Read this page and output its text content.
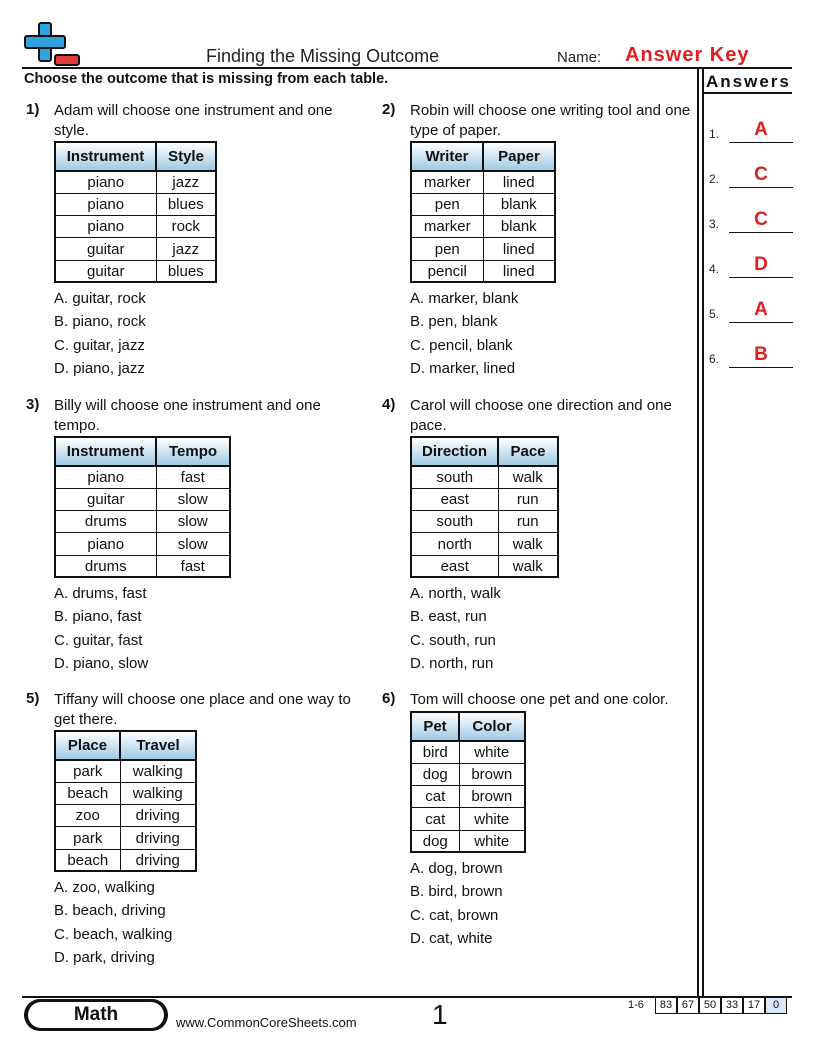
Finding the Missing Outcome	Name: Answer Key
Choose the outcome that is missing from each table.	Answers
1.	A
2.	C
3.	C
4.	D
5.	A
6.	B
1) Adam will choose one instrument and one style.
Instrument	Style
piano	jazz
piano	blues
piano	rock
guitar	jazz
guitar	blues
A. guitar, rock
B. piano, rock
C. guitar, jazz
D. piano, jazz
2) Robin will choose one writing tool and one type of paper.
Writer	Paper
marker	lined
pen	blank
marker	blank
pen	lined
pencil	lined
A. marker, blank
B. pen, blank
C. pencil, blank
D. marker, lined
3) Billy will choose one instrument and one tempo.
Instrument	Tempo
piano	fast
guitar	slow
drums	slow
piano	slow
drums	fast
A. drums, fast
B. piano, fast
C. guitar, fast
D. piano, slow
4) Carol will choose one direction and one pace.
Direction	Pace
south	walk
east	run
south	run
north	walk
east	walk
A. north, walk
B. east, run
C. south, run
D. north, run
5) Tiffany will choose one place and one way to get there.
Place	Travel
park	walking
beach	walking
zoo	driving
park	driving
beach	driving
A. zoo, walking
B. beach, driving
C. beach, walking
D. park, driving
6) Tom will choose one pet and one color.
Pet	Color
bird	white
dog	brown
cat	brown
cat	white
dog	white
A. dog, brown
B. bird, brown
C. cat, brown
D. cat, white
Math	www.CommonCoreSheets.com	1	1-6	83 67 50 33 17	0
